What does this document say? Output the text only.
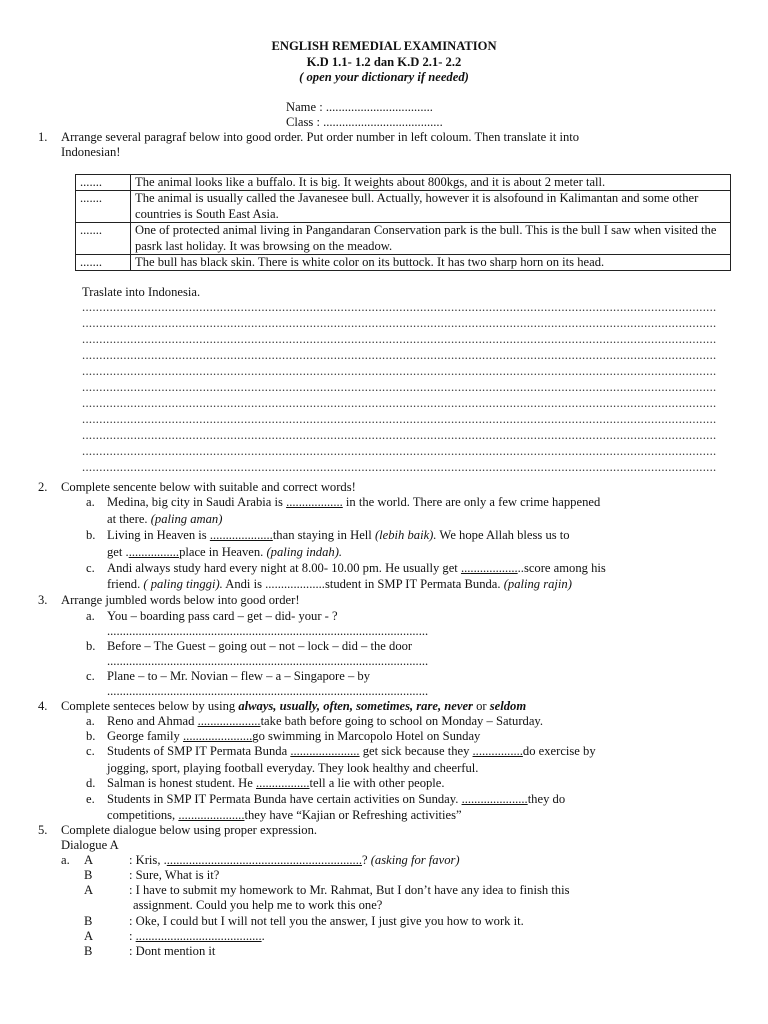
ENGLISH REMEDIAL EXAMINATION
K.D 1.1- 1.2 dan K.D 2.1- 2.2
( open your dictionary if needed)
Name : ..................................
Class : ......................................
1. Arrange several paragraf below into good order. Put order number in left coloum. Then translate it into
Indonesian!
.......	The animal looks like a buffalo. It is big. It weights about 800kgs, and it is about 2 meter tall.
.......	The animal is usually called the Javanesee bull. Actually, however it is alsofound in Kalimantan and some other countries is South East Asia.
.......	One of protected animal living in Pangandaran Conservation park is the bull. This is the bull I saw when visited the pasrk last holiday. It was browsing on the meadow.
.......	The bull has black skin. There is white color on its buttock. It has two sharp horn on its head.
Traslate into Indonesia.
........................................................................................................................................................................................
........................................................................................................................................................................................
........................................................................................................................................................................................
........................................................................................................................................................................................
........................................................................................................................................................................................
........................................................................................................................................................................................
........................................................................................................................................................................................
........................................................................................................................................................................................
........................................................................................................................................................................................
........................................................................................................................................................................................
........................................................................................................................................................................................
2. Complete sencente below with suitable and correct words!
a. Medina, big city in Saudi Arabia is .................. in the world. There are only a few crime happened
at there. (paling aman)
b. Living in Heaven is ....................than staying in Hell (lebih baik). We hope Allah bless us to
get .................place in Heaven. (paling indah).
c. Andi always study hard every night at 8.00- 10.00 pm. He usually get ....................score among his
friend. ( paling tinggi). Andi is ...................student in SMP IT Permata Bunda. (paling rajin)
3. Arrange jumbled words below into good order!
a. You – boarding pass card – get – did- your - ?
......................................................................................................
b. Before – The Guest – going out – not – lock – did – the door
......................................................................................................
c. Plane – to – Mr. Novian – flew – a – Singapore – by
......................................................................................................
4. Complete senteces below by using always, usually, often, sometimes, rare, never or seldom
a. Reno and Ahmad ....................take bath before going to school on Monday – Saturday.
b. George family ......................go swimming in Marcopolo Hotel on Sunday
c. Students of SMP IT Permata Bunda ...................... get sick because they ................do exercise by
jogging, sport, playing football everyday. They look healthy and cheerful.
d. Salman is honest student. He .................tell a lie with other people.
e. Students in SMP IT Permata Bunda have certain activities on Sunday. .....................they do
competitions, .....................they have “Kajian or Refreshing activities”
5. Complete dialogue below using proper expression.
Dialogue A
a. A	: Kris, ...............................................................? (asking for favor)
B	: Sure, What is it?
A	: I have to submit my homework to Mr. Rahmat, But I don’t have any idea to finish this
assignment. Could you help me to work this one?
B	: Oke, I could but I will not tell you the answer, I just give you how to work it.
A	: .........................................
B	: Dont mention it
